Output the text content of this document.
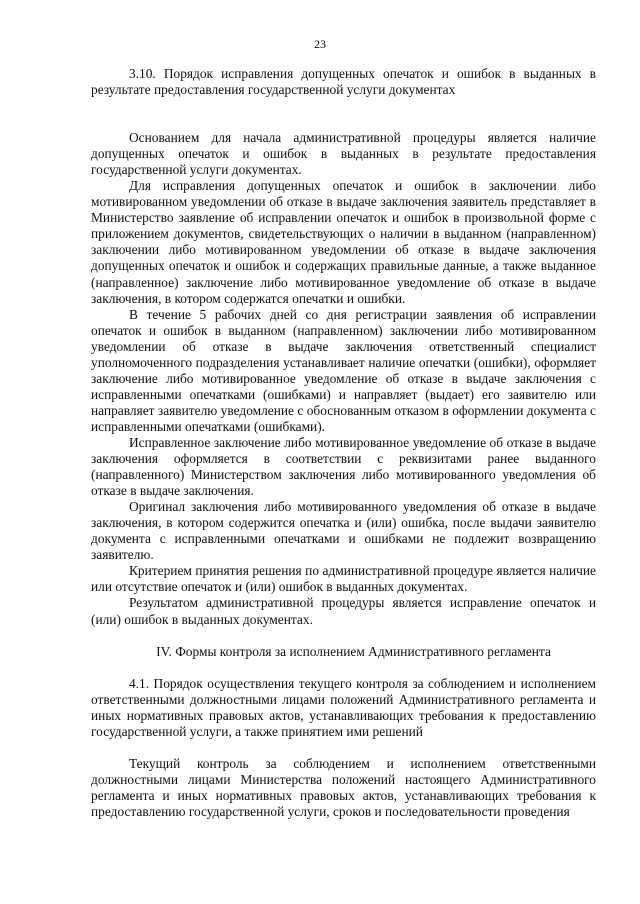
23

3.10. Порядок исправления допущенных опечаток и ошибок в выданных в результате предоставления государственной услуги документах

Основанием для начала административной процедуры является наличие допущенных опечаток и ошибок в выданных в результате предоставления государственной услуги документах.

Для исправления допущенных опечаток и ошибок в заключении либо мотивированном уведомлении об отказе в выдаче заключения заявитель представляет в Министерство заявление об исправлении опечаток и ошибок в произвольной форме с приложением документов, свидетельствующих о наличии в выданном (направленном) заключении либо мотивированном уведомлении об отказе в выдаче заключения допущенных опечаток и ошибок и содержащих правильные данные, а также выданное (направленное) заключение либо мотивированное уведомление об отказе в выдаче заключения, в котором содержатся опечатки и ошибки.

В течение 5 рабочих дней со дня регистрации заявления об исправлении опечаток и ошибок в выданном (направленном) заключении либо мотивированном уведомлении об отказе в выдаче заключения ответственный специалист уполномоченного подразделения устанавливает наличие опечатки (ошибки), оформляет заключение либо мотивированное уведомление об отказе в выдаче заключения с исправленными опечатками (ошибками) и направляет (выдает) его заявителю или направляет заявителю уведомление с обоснованным отказом в оформлении документа с исправленными опечатками (ошибками).

Исправленное заключение либо мотивированное уведомление об отказе в выдаче заключения оформляется в соответствии с реквизитами ранее выданного (направленного) Министерством заключения либо мотивированного уведомления об отказе в выдаче заключения.

Оригинал заключения либо мотивированного уведомления об отказе в выдаче заключения, в котором содержится опечатка и (или) ошибка, после выдачи заявителю документа с исправленными опечатками и ошибками не подлежит возвращению заявителю.

Критерием принятия решения по административной процедуре является наличие или отсутствие опечаток и (или) ошибок в выданных документах.

Результатом административной процедуры является исправление опечаток и (или) ошибок в выданных документах.

IV. Формы контроля за исполнением Административного регламента

4.1. Порядок осуществления текущего контроля за соблюдением и исполнением ответственными должностными лицами положений Административного регламента и иных нормативных правовых актов, устанавливающих требования к предоставлению государственной услуги, а также принятием ими решений

Текущий контроль за соблюдением и исполнением ответственными должностными лицами Министерства положений настоящего Административного регламента и иных нормативных правовых актов, устанавливающих требования к предоставлению государственной услуги, сроков и последовательности проведения
